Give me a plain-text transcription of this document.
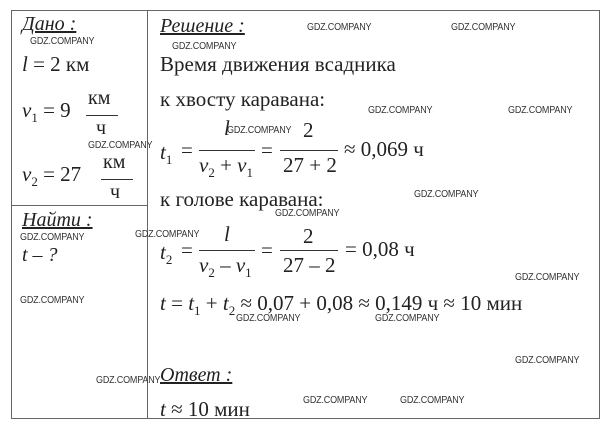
Дано :
l = 2 км
$v_1 = 9$ км
ч
$v_2 = 27$ км
ч
Найти :
t – ?
Решение :
Время движения всадника
к хвосту каравана:
$t_1$ =
l
$v_2 + v_1$
=
2
27 + 2
≈ 0,069 ч
к голове каравана:
$t_2$ =
l
$v_2 - v_1$
=
2
27 – 2
= 0,08 ч
$t = t_1 + t_2 \approx 0,07 + 0,08 \approx 0,149$ ч ≈ 10 мин
Ответ :
t ≈ 10 мин
GDZ.COMPANY
GDZ.COMPANY	GDZ.COMPANY
GDZ.COMPANY
GDZ.COMPANY	GDZ.COMPANY
GDZ.COMPANY
GDZ.COMPANY
GDZ.COMPANY
GDZ.COMPANY
GDZ.COMPANY
GDZ.COMPANY
GDZ.COMPANY
GDZ.COMPANY
GDZ.COMPANY	GDZ.COMPANY
GDZ.COMPANY
GDZ.COMPANY
GDZ.COMPANY	GDZ.COMPANY
